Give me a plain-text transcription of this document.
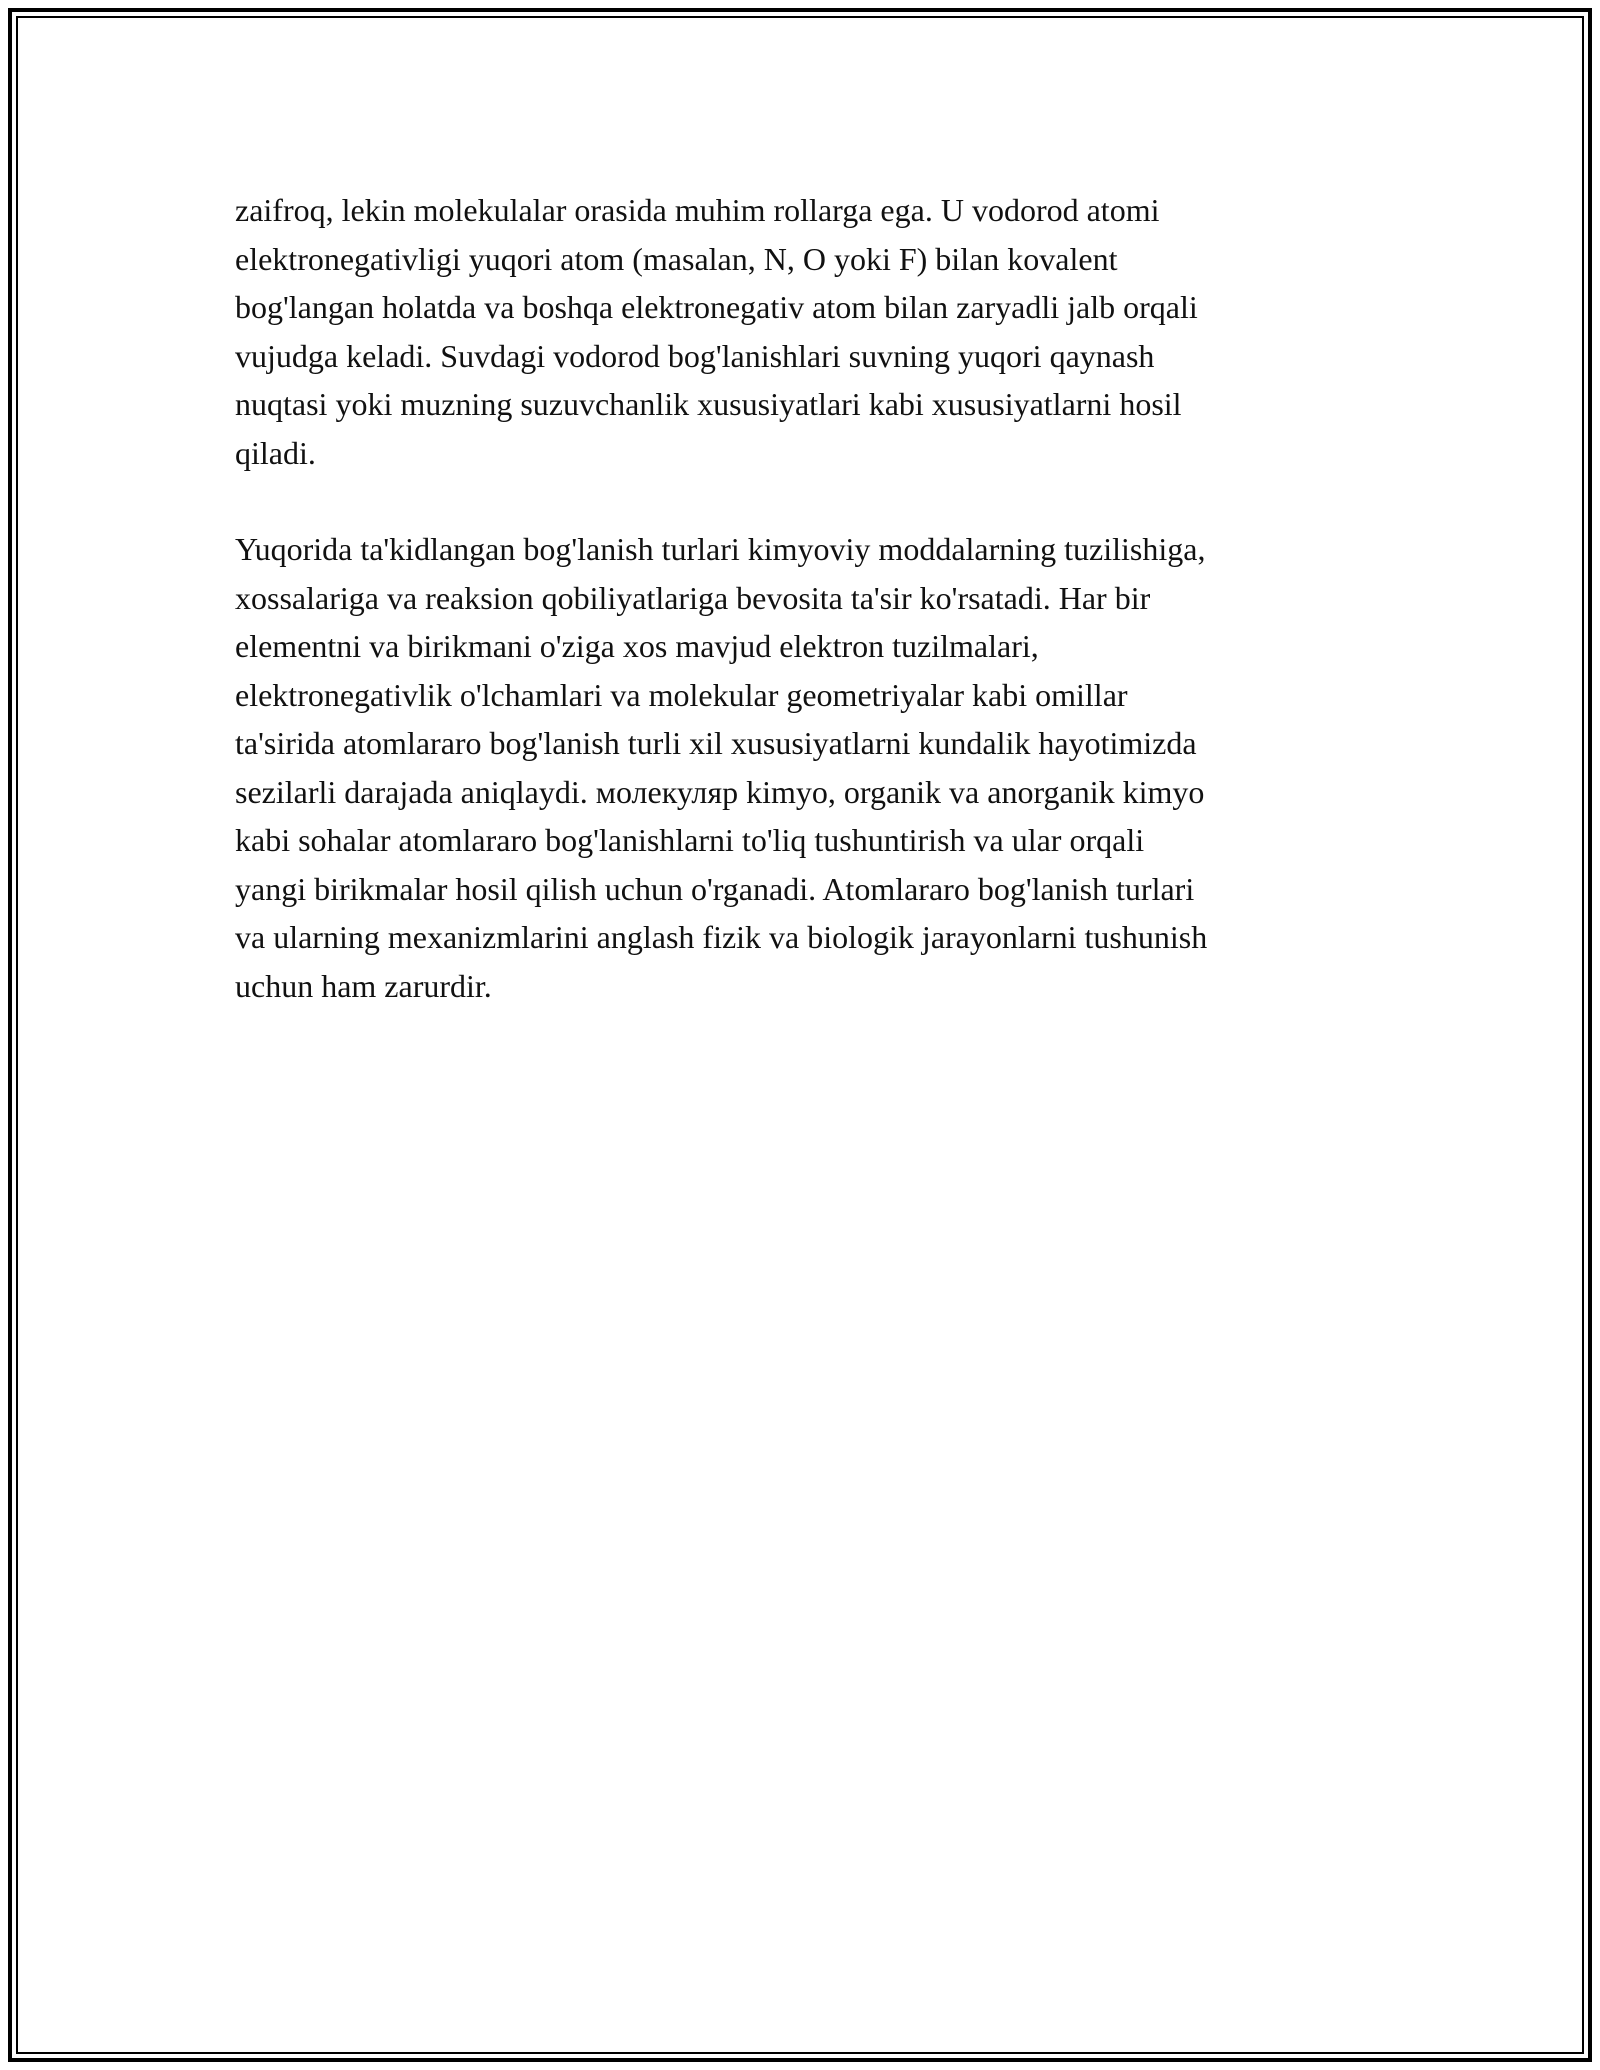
zaifroq, lekin molekulalar orasida muhim rollarga ega. U vodorod atomi
elektronegativligi yuqori atom (masalan, N, O yoki F) bilan kovalent
bog'langan holatda va boshqa elektronegativ atom bilan zaryadli jalb orqali
vujudga keladi. Suvdagi vodorod bog'lanishlari suvning yuqori qaynash
nuqtasi yoki muzning suzuvchanlik xususiyatlari kabi xususiyatlarni hosil
qiladi.

Yuqorida ta'kidlangan bog'lanish turlari kimyoviy moddalarning tuzilishiga,
xossalariga va reaksion qobiliyatlariga bevosita ta'sir ko'rsatadi. Har bir
elementni va birikmani o'ziga xos mavjud elektron tuzilmalari,
elektronegativlik o'lchamlari va molekular geometriyalar kabi omillar
ta'sirida atomlararo bog'lanish turli xil xususiyatlarni kundalik hayotimizda
sezilarli darajada aniqlaydi. молекуляр kimyo, organik va anorganik kimyo
kabi sohalar atomlararo bog'lanishlarni to'liq tushuntirish va ular orqali
yangi birikmalar hosil qilish uchun o'rganadi. Atomlararo bog'lanish turlari
va ularning mexanizmlarini anglash fizik va biologik jarayonlarni tushunish
uchun ham zarurdir.
